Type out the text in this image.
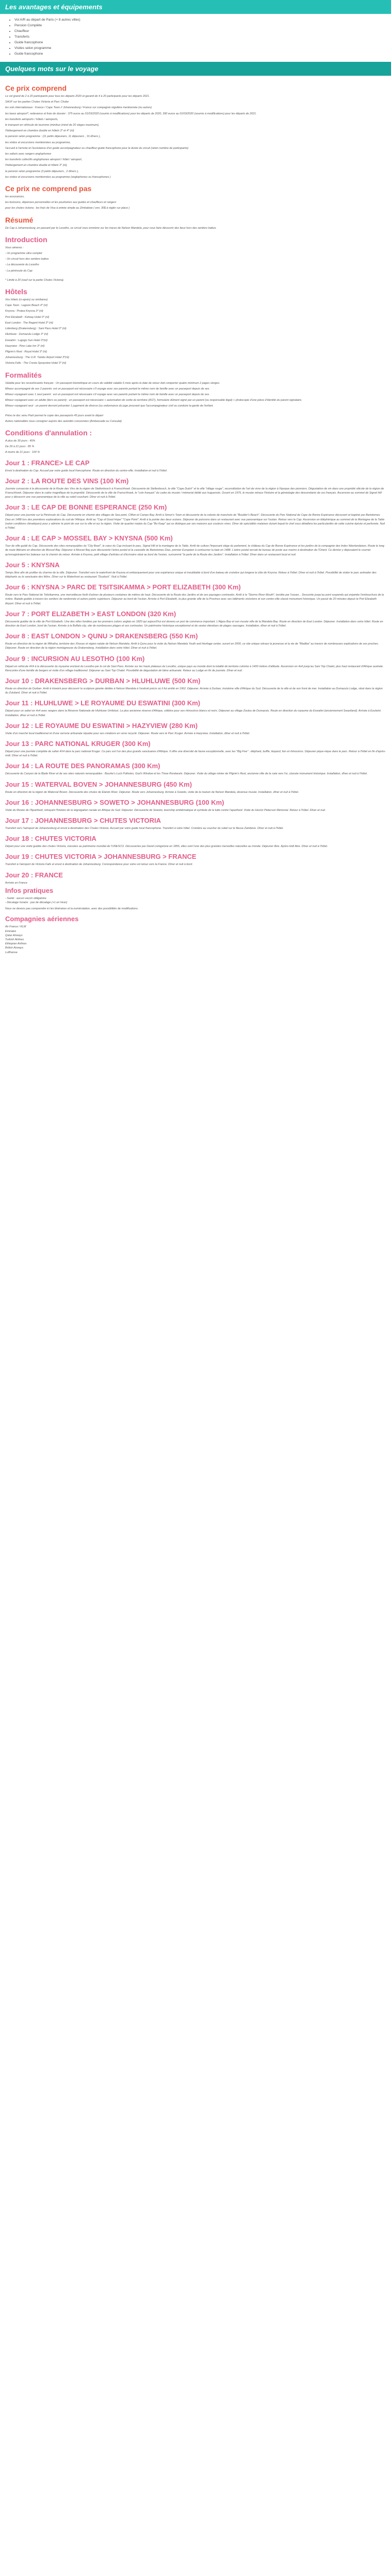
Les avantages et équipements
• Vol A/R au départ de Paris (+ 8 autres villes)
• Pension Complète
• Chauffeur
• Transferts
• Guide francophone
• Visites selon programme
• Guide francophone
Quelques mots sur le voyage
Ce prix comprend

Le vol grand de 2 à 20 participants pour tous les départs 2020 et garanti de 4 à 20 participants pour les départs 2021.

SAUF sur les parties Chutes Victoria et Parc Chobe

les vols internationaux : France / Cape Town // Johannesburg / France sur compagnie régulière mentionnée (ou autres)

les taxes aéroport*, redevance et frais de dossier : 375 euros au 01/03/2020 (soumis à modifications) pour les départs de 2020, 390 euros au 01/03/2020 (soumis à modifications) pour les départs de 2021.

les transferts aéroports / hôtels / aéroports,

le transport en véhicule de tourisme (minibus (mind de 20 sièges maximum),

l'hébergement en chambre double en hôtels 3* et 4* (nl)

la pension selon programme : (11 petits déjeuners, 11 déjeuners , 16 dîners ),

les visites et excursions mentionnées au programme,

l'accueil à l'arrivée et l'assistance d'un guide accompagnateur ou chauffeur-guide francophone pour la durée du circuit (selon nombre de participants)

les safaris avec rangers anglophones

les transferts collectifs anglophones aéroport / hôtel / aéroport,

l'hébergement en chambre double et hôtels 3* (nl),

la pension selon programme (3 petits déjeuners , 2 dîners ),

les visites et excursions mentionnées au programme (anglophones ou francophones )

Ce prix ne comprend pas

les assurances,

les boissons, dépenses personnelles et les pourboires aux guides et chauffeurs et rangers

pour les chutes victoria : les frais de Visa à entrée simple au Zimbabwe ( env. 30$ à régler sur place )

Résumé

De Cap à Johannesburg, en passant par le Lesotho, ce circuit vous emmène sur les traces de Nelson Mandela, pour vous faire découvrir des lieux hors des sentiers battus.

Introduction

Vous aimerez :

- Un programme ultra complet

- Un circuit hors des sentiers battus

- La découverte du Lesotho

- La péninsule du Cap

* Limité à 20 (sauf sur la partie Chutes Victoria).

Hôtels

Vos hôtels (ci-après) ou similaires)

Cape Town : Lagoon Beach 4* (nl)

Knysna : Protea Knysna 3* (nl)

Port Elizabeth : Kelway Hotel 3* (nl)

East London : The Regent Hotel 3* (nl)

Lidenberg (Drakensberg) : Sani Pass Hotel 3* (nl)

Hluhluwe : Dumazulu Lodge 3* (nl)

Eswatini : Lugogo Sun Hotel 3*(nl)

Hazyview : Pine Lake Inn 3* (nl)

Pilgrim's Rest : Royal Hotel 3* (nl)

Johannesburg : The O.R. Tambo Airport Hotel 3*(nl)

Victoria Falls : The Cresta Sprayview Hotel 3* (nl)

Formalités

Valable pour les ressortissants français : Un passeport biométrique en cours de validité valable 6 mois après la date de retour doit comporter quatre minimum 2 pages vierges.

Mineur accompagné de ses 2 parents: est un passeport est nécessaire s'il voyage avec ses parents portant le même nom de famille avec un passeport depuis de ses.

Mineur voyageant avec 1 seul parent : est un passeport est nécessaire s'il voyage avec ses parents portant le même nom de famille avec un passeport depuis de ses.

Mineur voyageant avec un adulte (tiers ou parent) : un passeport est nécessaire + autorisation de sortie du territoire (AST), formulaire dûment signé par un parent (ou responsable légal) + photocopie d'une pièce d'identité du parent signataire.

Mineur voyageant seul : un parent devront présenter 1 jugement de divorce (ou ordonnance du juge prouvant que l'accompagnateur civil ou conduire la garde de l'enfant.

Prévu le doc venu Parti permet le copie des passeports 45 jours avant le départ

Autres nationalités nous consigner auprès des autorités concernées (Ambassade ou Consulat)

Conditions d'annulation :

A plus de 30 jours : 45%

De 29 à 21 jours : 85 %

A moins de 21 jours : 100 %

Jour 1 : FRANCE> LE CAP

Envol à destination du Cap. Accueil par votre guide local francophone. Route en direction du centre-ville. Installation et nuit à l'hôtel.

Jour 2 : LA ROUTE DES VINS (100 Km)

Journée consacrée à la découverte de la Route des Vins de la région de Stellenbosch à Franschhoek. Découverte de Stellenbosch, la ville "Cape Dutch" et la ville "village rouge", reconstitution de l'art de vivre de la région à l'époque des pionniers. Dégustation de vin dans une propriété viticole de la région de Franschhoek. Déjeuner dans le cadre magnifique de la propriété. Découverte de la ville de Franschhoek, le "coin français" du cadre du musée / mémorial dédié aux huguenots. Ouvert en 1976, le musée retrace l'histoire et la généalogie des descendants de ces français. Ascension au sommet de Signal Hill pour y découvrir une vue panoramique de la ville au soleil couchant. Dîner et nuit à l'hôtel.

Jour 3 : LE CAP DE BONNE ESPERANCE (250 Km)

Départ pour une journée sur la Péninsule du Cap. Découverte en chemin des villages de Sea point, Clifton et Camps Bay. Arrêt à Simon's Town et découverte de la colonie de manchots de "Boulder's Beach". Découverte du Parc National de Cape de Bonne Espérance découvert et baptisé par Bartolomeu Dias en 1488 lors des premières explorations du sud de l'Afrique. Arrêt au "Cap of Good Hope" "Cape Point". Arrêt à la pointe des deux océans. Déjeuner de poissons dans un restaurant avec vue panoramique sur l'océan. Retour vers le Cap. Ascension en téléphérique au sommet de la Montagne de la Table (selon conditions climatiques) pour y admirer le point de vue sur la ville et sur la région. Visite de quartier malais du Cap "Bo Kaap" qui se distingue par ses maisons aux couleurs vives. Dîner de spécialités malaises durant lequel le chef vous détaillera les particularités de cette cuisine épicée et parfumée. Nuit à l'hôtel.

Jour 4 : LE CAP > MOSSEL BAY > KNYSNA (500 Km)

Tour de ville guidé du Cap. Découverte des sites remarquables du "City Bowl", le cœur du Cap incluant le parc, Signal Hill et la montagne de la Table. Arrêt de culture l'imposant siège du parlement, le château du Cap de Bonne Espérance et les jardins de la compagnie des Indes Néerlandaises. Route le long de route littéraire en direction de Mossel Bay. Déjeuner à Mossel Bay puis découverte l'arbre postal et la caravelle de Bartolomeu Dias, premier Européen à contourner la baie en 1488. L'arbre postal servait de bureau de poste aux marins à destination de l'Orient. Ce dernier y déposaient le courrier qu'enregistraient les bateaux sur le chemin du retour. Arrivée à Knysna, petit village d'artistes et d'écrivains situé au bord de l'océan, surnommé "la perle de la Route des Jardins". Installation à l'hôtel. Dîner dans un restaurant local et nuit.

Jour 5 : KNYSNA

Temps libre afin de profiter du charme de la ville. Déjeuner. Transfert vers le waterfront de Knysna et embarquement pour une expérience unique et inoubliable à bord d'un bateau de croisière qui longera la côte de Knysna. Retour à l'hôtel. Dîner et nuit à l'hôtel. Possibilité de visiter le parc animalier des éléphants ou le sanctuaire des félins. Dîner sur le Waterfront au restaurant "Drydock". Nuit à l'hôtel.

Jour 6 : KNYSNA > PARC DE TSITSIKAMMA > PORT ELIZABETH (300 Km)

Route vers le Parc National de Tsitsikamma, une merveilleuse forêt d'arbres de plusieurs centaines de mètres de haut. Découverte de la Route des Jardins et de ses paysages contrastés. Arrêt à la "Storms River Mouth", bordée par l'ocean... Descente jusqu'au pont suspendu qui enjambe l'embouchure de la rivière. Balade guidée à travers les sentiers de randonnée et autres points supérieurs. Déjeuner au bord de l'océan. Arrivée à Port Elizabeth, la plus grande ville de la Province avec ses bâtiments victoriens et son centre-ville classé monument historique. Un passé de 20 minutes depuis le Port Elizabeth Airport. Dîner et nuit à l'hôtel.

Jour 7 : PORT ELIZABETH > EAST LONDON (320 Km)

Découverte guidée de la ville de Port Elizabeth. Une des villes fondées par les premiers colons anglais en 1820 qui aujourd'hui est devenu un port de commerce important. L'Algoa Bay et son musée ville de la Mandela Bay. Route en direction de East London. Déjeuner. Installation dans votre hôtel. Route en direction de East London, bord de l'océan. Arrivée à la Buffalo city, site de nombreuses plages et ses contrastes. Un patrimoine historique exceptionnel et de vastes étendues de plages sauvages. Installation, dîner et nuit à l'hôtel.

Jour 8 : EAST LONDON > QUNU > DRAKENSBERG (550 Km)

Route en direction de la région de Mthatha, territoire des Xhosas et région natale de Nelson Mandela. Arrêt à Qunu pour la visite du Nelson Mandela Youth and Heritage center, ouvert en 2000, ce site unique retrace la jeunesse et la vie de "Madiba" au travers de nombreuses explications de ses proches. Déjeuner. Route en direction de la région montagneuse du Drakensberg. Installation dans votre hôtel. Dîner et nuit à l'hôtel.

Jour 9 : INCURSION AU LESOTHO (100 Km)

Départ en véhicule 4X4 à la découverte du royaume enclavé du Lesotho par le col de Sani Pass. Arrivée sur les hauts plateaux du Lesotho, unique pays au monde dont la totalité de territoire culmine à 1400 mètres d'altitude. Ascension en 4x4 jusqu'au Sani Top Chalet, plus haut restaurant d'Afrique australe. Rencontre d'une famille de bergers et visite d'un village traditionnel. Déjeuner au Sani Top Chalet. Possibilité de dégustation de bière artisanale. Retour au Lodge en fin de journée. Dîner et nuit.

Jour 10 : DRAKENSBERG > DURBAN > HLUHLUWE (500 Km)

Route en direction de Durban. Arrêt à Howick pour découvrir la sculpture géante dédiée à Nelson Mandela à l'endroit précis où il fut arrêté en 1962. Déjeuner. Arrivée à Durban, troisième ville d'Afrique du Sud. Découverte de la ville et de son front de mer. Installation au Dumazulu Lodge, situé dans la région du Zululand. Dîner et nuit à l'hôtel.

Jour 11 : HLUHLUWE > LE ROYAUME DU ESWATINI (300 Km)

Départ pour un safari en 4x4 avec rangers dans la Réserve Nationale de Hluhluwe Umfolozi. La plus ancienne réserve d'Afrique, célèbre pour ses rhinocéros blancs et noirs. Déjeuner au village Zoulou de Dumazulu. Route en direction du royaume du Eswatini (anciennement Swaziland). Arrivée à Ezulwini. Installation, dîner et nuit à l'hôtel.

Jour 12 : LE ROYAUME DU ESWATINI > HAZYVIEW (280 Km)

Visite d'un marché local traditionnel et d'une verrerie artisanale réputée pour ses créations en verre recyclé. Déjeuner. Route vers le Parc Kruger. Arrivée à Hazyview. Installation, dîner et nuit à l'hôtel.

Jour 13 : PARC NATIONAL KRUGER (300 Km)

Départ pour une journée complète de safari 4X4 dans le parc national Kruger. Ce parc est l'un des plus grands sanctuaires d'Afrique. Il offre une diversité de faune exceptionnelle, avec les "Big Five" : éléphant, buffle, léopard, lion et rhinocéros. Déjeuner pique-nique dans le parc. Retour à l'hôtel en fin d'après-midi. Dîner et nuit à l'hôtel.

Jour 14 : LA ROUTE DES PANORAMAS (300 Km)

Découverte du Canyon de la Blyde River et de ses sites naturels remarquables : Bourke's Luck Potholes, God's Window et les Three Rondavels. Déjeuner. Visite du village minier de Pilgrim's Rest, ancienne ville de la ruée vers l'or, classée monument historique. Installation, dîner et nuit à l'hôtel.

Jour 15 : WATERVAL BOVEN > JOHANNESBURG (450 Km)

Route en direction de la région de Waterval Boven. Découverte des chutes de Elands River. Déjeuner. Route vers Johannesburg. Arrivée à Soweto, visite de la maison de Nelson Mandela, devenue musée. Installation, dîner et nuit à l'hôtel.

Jour 16 : JOHANNESBURG > SOWETO > JOHANNESBURG (100 Km)

Visite du Musée de l'Apartheid, retraçant l'histoire de la ségrégation raciale en Afrique du Sud. Déjeuner. Découverte de Soweto, township emblématique et symbole de la lutte contre l'apartheid. Visite du Hector Pieterson Memorial. Retour à l'hôtel. Dîner et nuit.

Jour 17 : JOHANNESBURG > CHUTES VICTORIA

Transfert vers l'aéroport de Johannesburg et envol à destination des Chutes Victoria. Accueil par votre guide local francophone. Transfert à votre hôtel. Croisière au coucher du soleil sur le fleuve Zambèze. Dîner et nuit à l'hôtel.

Jour 18 : CHUTES VICTORIA

Départ pour une visite guidée des chutes Victoria, classées au patrimoine mondial de l'UNESCO. Découvertes par David Livingstone en 1855, elles sont l'une des plus grandes merveilles naturelles au monde. Déjeuner libre. Après-midi libre. Dîner et nuit à l'hôtel.

Jour 19 : CHUTES VICTORIA > JOHANNESBURG > FRANCE

Transfert à l'aéroport de Victoria Falls et envol à destination de Johannesburg. Correspondance pour votre vol retour vers la France. Dîner et nuit à bord.

Jour 20 : FRANCE

Arrivée en France

Infos pratiques
- Santé : aucun vaccin obligatoire
- Décalage horaire : pas de décalage (+1 en hiver)
Nous ne devons pas comprendre ici les itinéraires et la numérotation, avec des possibilités de modifications.
Compagnies aériennes
Air France / KLM
Emirates
Qatar Airways
Turkish Airlines
Ethiopian Airlines
British Airways
Lufthansa
